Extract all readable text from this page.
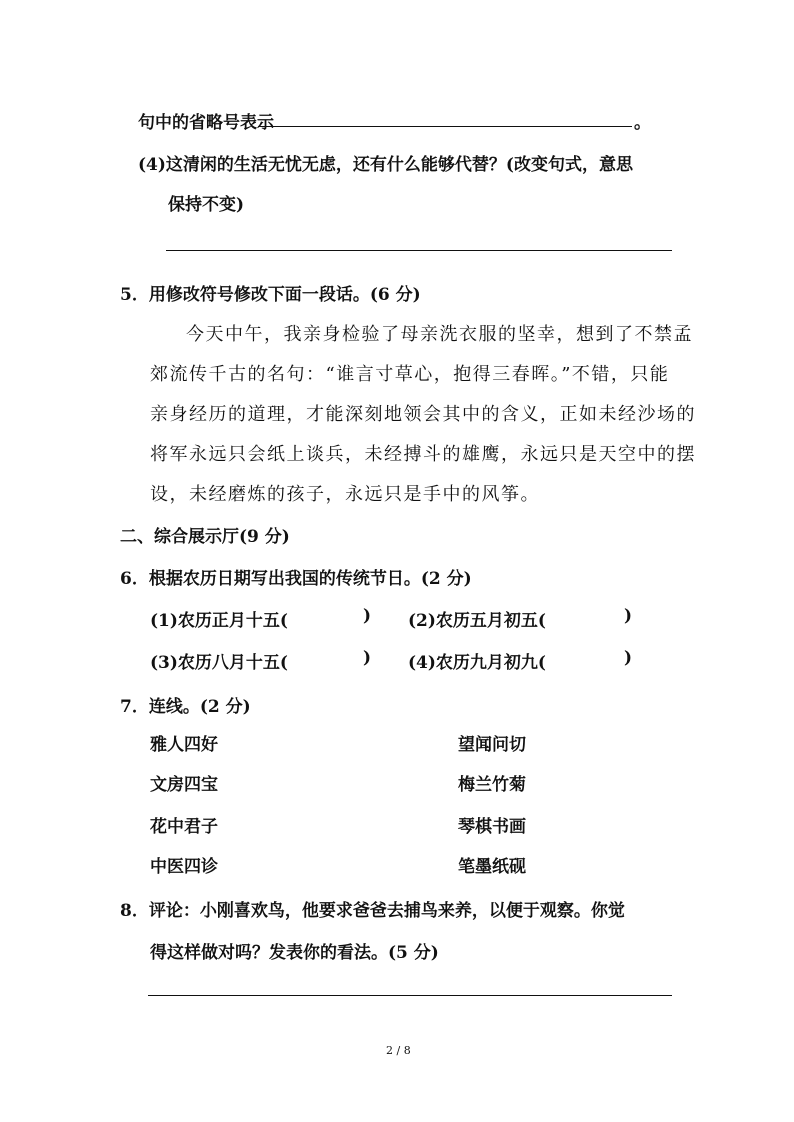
句中的省略号表示	。
(4)这清闲的生活无忧无虑，还有什么能够代替？(改变句式，意思
保持不变)
5．用修改符号修改下面一段话。(6 分)
今天中午，我亲身检验了母亲洗衣服的坚幸，想到了不禁孟
郊流传千古的名句：“谁言寸草心，抱得三春晖。”不错，只能
亲身经历的道理，才能深刻地领会其中的含义，正如未经沙场的
将军永远只会纸上谈兵，未经搏斗的雄鹰，永远只是天空中的摆
设，未经磨炼的孩子，永远只是手中的风筝。
二、综合展示厅(9 分)
6．根据农历日期写出我国的传统节日。(2 分)
(1)农历正月十五(	) (2)农历五月初五(	)
(3)农历八月十五(	) (4)农历九月初九(	)
7．连线。(2 分)
雅人四好
文房四宝
花中君子
中医四诊
望闻问切
梅兰竹菊
琴棋书画
笔墨纸砚
8．评论：小刚喜欢鸟，他要求爸爸去捕鸟来养，以便于观察。你觉
得这样做对吗？发表你的看法。(5 分)
2 / 8
